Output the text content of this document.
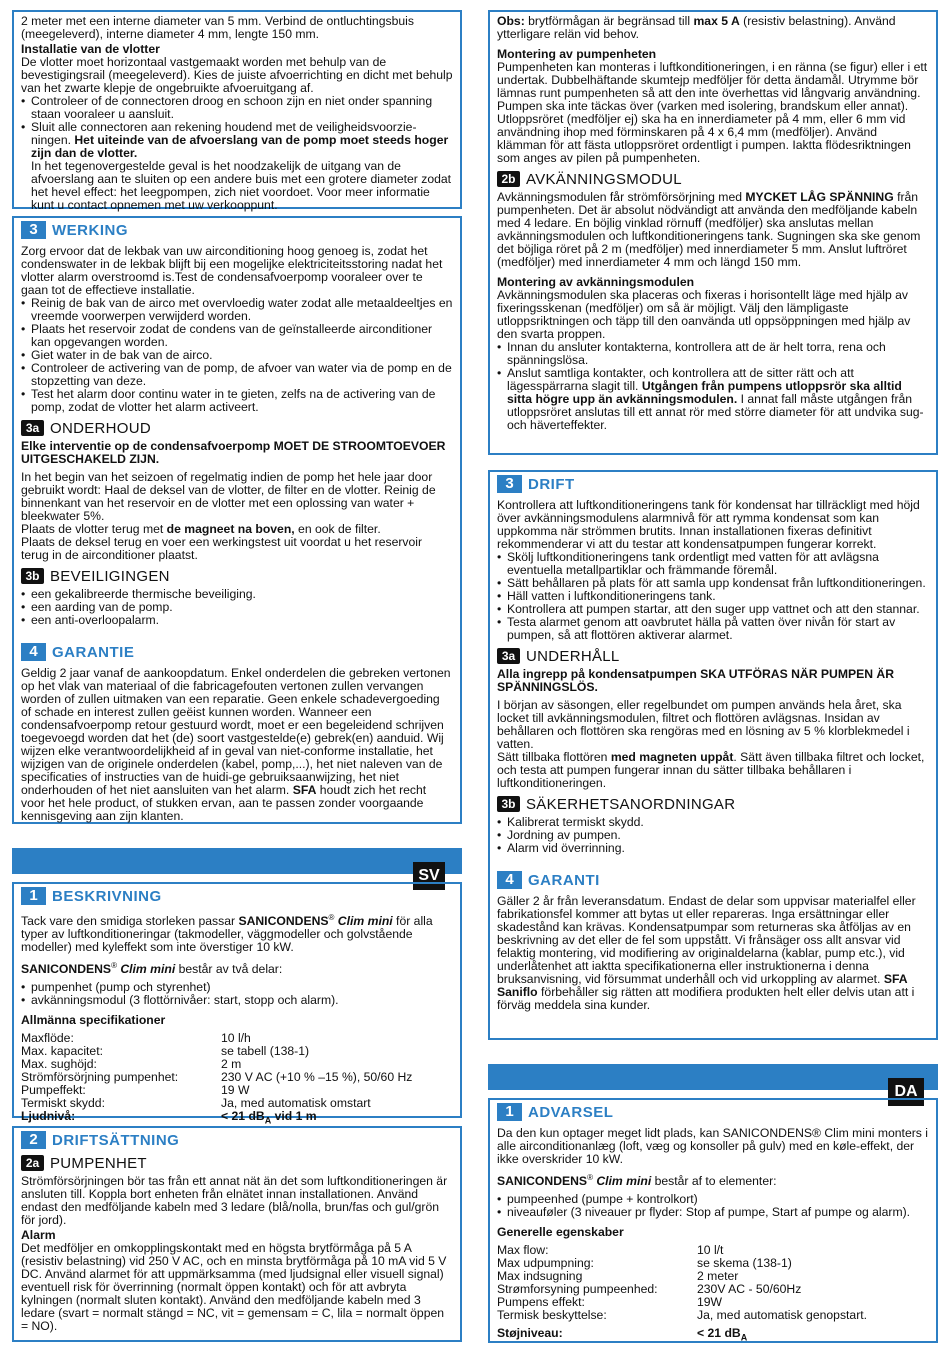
2 meter met een interne diameter van 5 mm. Verbind de ontluchtingsbuis

(meegeleverd), interne diameter 4 mm, lengte 150 mm.

Installatie van de vlotter

De vlotter moet horizontaal vastgemaakt worden met behulp van de bevestigingsrail (meegeleverd). Kies de juiste afvoerrichting en dicht met behulp van het zwarte klepje de ongebruikte afvoeruitgang af.

• Controleer of de connectoren droog en schoon zijn en niet onder spanning staan vooraleer u aansluit.
• Sluit alle connectoren aan rekening houdend met de veiligheidsvoorzie-ningen. Het uiteinde van de afvoerslang van de pomp moet steeds hoger zijn dan de vlotter.

In het tegenovergestelde geval is het noodzakelijk de uitgang van de afvoerslang aan te sluiten op een andere buis met een grotere diameter zodat het hevel effect: het leegpompen, zich niet voordoet. Voor meer informatie kunt u contact opnemen met uw verkooppunt.

3 WERKING

Zorg ervoor dat de lekbak van uw airconditioning hoog genoeg is, zodat het condenswater in de lekbak blijft bij een mogelijke elektriciteitsstoring nadat het vlotter alarm overstroomd is.Test de condensafvoerpomp vooraleer over te gaan tot de effectieve installatie.

• Reinig de bak van de airco met overvloedig water zodat alle metaaldeeltjes en vreemde voorwerpen verwijderd worden.
• Plaats het reservoir zodat de condens van de geïnstalleerde airconditioner kan opgevangen worden.
• Giet water in de bak van de airco.
• Controleer de activering van de pomp, de afvoer van water via de pomp en de stopzetting van deze.
• Test het alarm door continu water in te gieten, zelfs na de activering van de pomp, zodat de vlotter het alarm activeert.
3a ONDERHOUD

Elke interventie op de condensafvoerpomp MOET DE STROOMTOEVOER UITGESCHAKELD ZIJN.

In het begin van het seizoen of regelmatig indien de pomp het hele jaar door gebruikt wordt: Haal de deksel van de vlotter, de filter en de vlotter. Reinig de binnenkant van het reservoir en de vlotter met een oplossing van water + bleekwater 5%.

Plaats de vlotter terug met de magneet na boven, en ook de filter.

Plaats de deksel terug en voer een werkingstest uit voordat u het reservoir terug in de airconditioner plaatst.

3b BEVEILIGINGEN
• een gekalibreerde thermische beveiliging.
• een aarding van de pomp.
• een anti-overloopalarm.
4 GARANTIE

Geldig 2 jaar vanaf de aankoopdatum. Enkel onderdelen die gebreken vertonen op het vlak van materiaal of die fabricagefouten vertonen zullen vervangen worden of zullen uitmaken van een reparatie. Geen enkele schadevergoeding of schade en interest zullen geëist kunnen worden. Wanneer een condensafvoerpomp retour gestuurd wordt, moet er een begeleidend schrijven toegevoegd worden dat het (de) soort vastgestelde(e) gebrek(en) aanduid. Wij wijzen elke verantwoordelijkheid af in geval van niet-conforme installatie, het wijzigen van de originele onderdelen (kabel, pomp,...), het niet naleven van de specificaties of instructies van de huidi-ge gebruiksaanwijzing, het niet onderhouden of het niet aansluiten van het alarm. SFA houdt zich het recht voor het hele product, of stukken ervan, aan te passen zonder voorgaande kennisgeving aan zijn klanten.

SV
1 BESKRIVNING

Tack vare den smidiga storleken passar SANICONDENS® Clim mini för alla typer av luftkonditioneringar (takmodeller, väggmodeller och golvstående modeller) med kyleffekt som inte överstiger 10 kW.

SANICONDENS® Clim mini består av två delar:

• pumpenhet (pump och styrenhet)
• avkänningsmodul (3 flottörnivåer: start, stopp och alarm).

Allmänna specifikationer

Maxflöde:	10 l/h
Max. kapacitet:	se tabell (138-1)
Max. sughöjd:	2 m
Strömförsörjning pumpenhet:	230 V AC (+10 % –15 %), 50/60 Hz
Pumpeffekt:	19 W
Termiskt skydd:	Ja, med automatisk omstart
Ljudnivå:	< 21 $dB_A$ vid 1 m
2 DRIFTSÄTTNING
2a PUMPENHET

Strömförsörjningen bör tas från ett annat nät än det som luftkonditioneringen är ansluten till. Koppla bort enheten från elnätet innan installationen. Använd endast den medföljande kabeln med 3 ledare (blå/nolla, brun/fas och gul/grön för jord).

Alarm

Det medföljer en omkopplingskontakt med en högsta brytförmåga på 5 A (resistiv belastning) vid 250 V AC, och en minsta brytförmåga på 10 mA vid 5 V DC. Använd alarmet för att uppmärksamma (med ljudsignal eller visuell signal) eventuell risk för överrinning (normalt öppen kontakt) och för att avbryta kylningen (normalt sluten kontakt). Använd den medföljande kabeln med 3 ledare (svart = normalt stängd = NC, vit = gemensam = C, lila = normalt öppen = NO).

Obs: brytförmågan är begränsad till max 5 A (resistiv belastning). Använd ytterligare relän vid behov.

Montering av pumpenheten

Pumpenheten kan monteras i luftkonditioneringen, i en ränna (se figur) eller i ett undertak. Dubbelhäftande skumtejp medföljer för detta ändamål. Utrymme bör lämnas runt pumpenheten så att den inte överhettas vid långvarig användning. Pumpen ska inte täckas över (varken med isolering, brandskum eller annat). Utloppsröret (medföljer ej) ska ha en innerdiameter på 4 mm, eller 6 mm vid användning ihop med förminskaren på 4 x 6,4 mm (medföljer). Använd klämman för att fästa utloppsröret ordentligt i pumpen. Iaktta flödesriktningen som anges av pilen på pumpenheten.

2b AVKÄNNINGSMODUL

Avkänningsmodulen får strömförsörjning med MYCKET LÅG SPÄNNING från pumpenheten. Det är absolut nödvändigt att använda den medföljande kabeln med 4 ledare. En böjlig vinklad rörnuff (medföljer) ska anslutas mellan avkänningsmodulen och luftkonditioneringens tank. Sugningen ska ske genom det böjliga röret på 2 m (medföljer) med innerdiameter 5 mm. Anslut luftröret (medföljer) med innerdiameter 4 mm och längd 150 mm.

Montering av avkänningsmodulen

Avkänningsmodulen ska placeras och fixeras i horisontellt läge med hjälp av fixeringsskenan (medföljer) om så är möjligt. Välj den lämpligaste utloppsriktningen och täpp till den oanvända utl oppsöppningen med hjälp av den svarta proppen.

• Innan du ansluter kontakterna, kontrollera att de är helt torra, rena och spänningslösa.
• Anslut samtliga kontakter, och kontrollera att de sitter rätt och att lägesspärrarna slagit till. Utgången från pumpens utloppsrör ska alltid sitta högre upp än avkänningsmodulen. I annat fall måste utgången från utloppsröret anslutas till ett annat rör med större diameter för att undvika sug- och häverteffekter.
3 DRIFT

Kontrollera att luftkonditioneringens tank för kondensat har tillräckligt med höjd över avkänningsmodulens alarmnivå för att rymma kondensat som kan uppkomma när strömmen brutits. Innan installationen fixeras definitivt rekommenderar vi att du testar att kondensatpumpen fungerar korrekt.

• Skölj luftkonditioneringens tank ordentligt med vatten för att avlägsna eventuella metallpartiklar och främmande föremål.
• Sätt behållaren på plats för att samla upp kondensat från luftkonditioneringen.
• Häll vatten i luftkonditioneringens tank.
• Kontrollera att pumpen startar, att den suger upp vattnet och att den stannar.
• Testa alarmet genom att oavbrutet hälla på vatten över nivån för start av pumpen, så att flottören aktiverar alarmet.
3a UNDERHÅLL

Alla ingrepp på kondensatpumpen SKA UTFÖRAS NÄR PUMPEN ÄR SPÄNNINGSLÖS.

I början av säsongen, eller regelbundet om pumpen används hela året, ska locket till avkänningsmodulen, filtret och flottören avlägsnas. Insidan av behållaren och flottören ska rengöras med en lösning av 5 % klorblekmedel i vatten.

Sätt tillbaka flottören med magneten uppåt. Sätt även tillbaka filtret och locket, och testa att pumpen fungerar innan du sätter tillbaka behållaren i luftkonditioneringen.

3b SÄKERHETSANORDNINGAR
• Kalibrerat termiskt skydd.
• Jordning av pumpen.
• Alarm vid överrinning.
4 GARANTI

Gäller 2 år från leveransdatum. Endast de delar som uppvisar materialfel eller fabrikationsfel kommer att bytas ut eller repareras. Inga ersättningar eller skadestånd kan krävas. Kondensatpumpar som returneras ska åtföljas av en beskrivning av det eller de fel som uppstått. Vi frånsäger oss allt ansvar vid felaktig montering, vid modifiering av originaldelarna (kablar, pump etc.), vid underlåtenhet att iaktta specifikationerna eller instruktionerna i denna bruksanvisning, vid försummat underhåll och vid urkoppling av alarmet. SFA Saniflo förbehåller sig rätten att modifiera produkten helt eller delvis utan att i förväg meddela sina kunder.

DA
1 ADVARSEL

Da den kun optager meget lidt plads, kan SANICONDENS® Clim mini monters i alle airconditionanlæg (loft, væg og konsoller på gulv) med en køle-effekt, der ikke overskrider 10 kW.

SANICONDENS® Clim mini består af to elementer:

• pumpeenhed (pumpe + kontrolkort)
• niveauføler (3 niveauer pr flyder: Stop af pumpe, Start af pumpe og alarm).

Generelle egenskaber

Max flow:	10 l/t
Max udpumpning:	se skema (138-1)
Max indsugning	2 meter
Strømforsyning pumpeenhed:	230V AC - 50/60Hz
Pumpens effekt:	19W
Termisk beskyttelse:	Ja, med automatisk genopstart.
Støjniveau:	< 21 $dB_A$
